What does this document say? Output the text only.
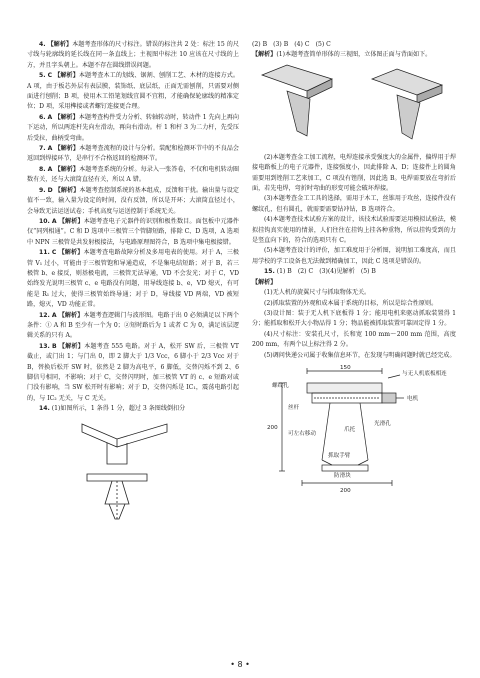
4. 【解析】本题考查形体的尺寸标注。错误的标注共 2 处：标注 15 的尺寸线与轮廓线的延长线在同一条直线上；主视图中标注 10 应该在尺寸线的上方，并且字头朝上。本题不存在圆线错误问题。

5. C 【解析】本题考查木工的划线、锯割、刨削工艺、木材的连接方式。A 项，由于板芯外层有表层膜，装饰纸、底层纸，正面无需刨削，只需要对侧面进行刨削；B 项，使用木工铅笔划线宜圆不宜粗，才能确保轮廓线的精准定位；D 项，采用榫接或者螺钉连接更合理。

6. A 【解析】本题考查构件受力分析、转轴转动时，转动件 1 先向上再向下运动，所以两连杆先向左滑动，再向右滑动。杆 1 和杆 3 为二力杆，先受压后受拉，曲柄受弯曲。

7. A 【解析】本题考查流程的设计与分析。装配和检测环节中的不良品会返回到焊接环节，是串行不合格返回的检测环节。

8. A 【解析】本题考查系统的分析。每录入一张答卷，不仅和电机转动圈数有关，还与大滚筒直径有关，所以 A 错。

9. D 【解析】本题考查控制系统的基本组成，反馈和干扰。输出量与设定值不一致，输入量为设定的时间，没有反馈，所以是开环；大滚筒直径过小，会导致无法运送试卷；手机高度与运送控制于系统无关。

10. A 【解析】本题考查电子元器件的识别和极性数目。面包板中元器件仅“同列相通”。C 和 D 选项中三极管三个管脚短路，排除 C、D 选项，A 选项中 NPN 三极管是共发射极接法，与电路原理图符合，B 选项中集电极接错。

11. C 【解析】本题考查电路故障分析及多用电表的使用。对于 A，三极管 V₁ 过小，可能由于三极管饱和导通造成，不是集电结短路；对于 B，若三极管 b、e 接反，则基极电流，三极管无法导通，VD 不会发光；对于 C，VD 始终发光说明三极管 c、e 电路没有问题，用导线连接 b、e，VD 熄灭，有可能是 R₁ 过大，使得三极管始终导通；对于 D，导线接 VD 两端，VD 被短路，熄灭，VD 功能正常。

12. A 【解析】本题考查逻辑门与波形图。电路于出 0 必须满足以下两个条件：① A 和 B 至少有一个为 0；②短时路后为 1 或者 C 为 0，满足该层逻辑关系的只有 A。

13. B 【解析】本题考查 555 电路。对于 A，松开 SW 后，三极管 VT 截止，或门出 1；与门出 0，即 2 脚大于 1/3 Vcc，6 脚小于 2/3 Vcc 对于 B，替换后松开 SW 时，依然是 2 脚为高电平，6 脚低，交替闪烁不到 2、6 脚信号相同，不影响；对于 C，交替闪明时，加三极管 VT 的 c、e 短路对或门没有影响，当 SW 松开时有影响；对于 D，交替闪烁是 IC₁，震荡电路引起的，与 IC₂ 无关，与 C 无关。

14. (1)如图所示，1 条得 1 分，超过 3 条图线倒扣分

(2) B　(3) B　(4) C　(5) C

【解析】(1)本题考查简单形体的三视图，立体图正面与背面如下。

(2)本题考查金工加工流程，电焊连接承受强度大的金属件，偏焊用于焊接电路板上的电子元器件，连接强度小，因此排除 A、D；连接件上的圆角需要用到锉削工艺来加工，C 项没有锉削，因此选 B。电焊需要放在弯折后面，若先电焊，弯折时弯曲的形变可能会破坏焊接。

(3)本题考查金工工具的选择，需用于木工，丝锥用于攻丝，连接件没有螺纹孔，但有圆孔，就需要需要钻冲钻，B 选项符合。

(4)本题考查技术试验方案的设计，该技术试验需要运用模拟试验法，模拟挂钩真实使用的情景，人们往往在挂钩上挂各种重物，所以挂钩受到的力是竖直向下的，符合的选项只有 C。

(5)本题考查设计的评价，加工难度用于分析图，说明加工难度高，而且用学校的学工设备也无法做到精确加工，因此 C 选项是错误的。

15. (1) B　(2) C　(3)(4)见解析　(5) B

【解析】

(1)无人机的旋翼尺寸与抓取物体无关。

(2)抓取装置的外观和成本属于系统的目标，所以是综合性原则。

(3)设计图：装于无人机下底板得 1 分；能用电机来驱动抓取装置得 1 分；能抓取和松开大小物品得 1 分；物品能被抓取装置可靠固定得 1 分。

(4)尺寸标注：安装孔尺寸，长和宽 100 mm～200 mm 范围，高度 200 mm，有两个以上标注得 2 分。

(5)调问快递公司属于收集信息环节，在发现与明确问题时就已经完成。

150
200
200
螺纹孔
与无人机底板相连
电机
丝杆
可左右移动
抓取手臂
爪托
光滑孔
防滑块
• 8 •
